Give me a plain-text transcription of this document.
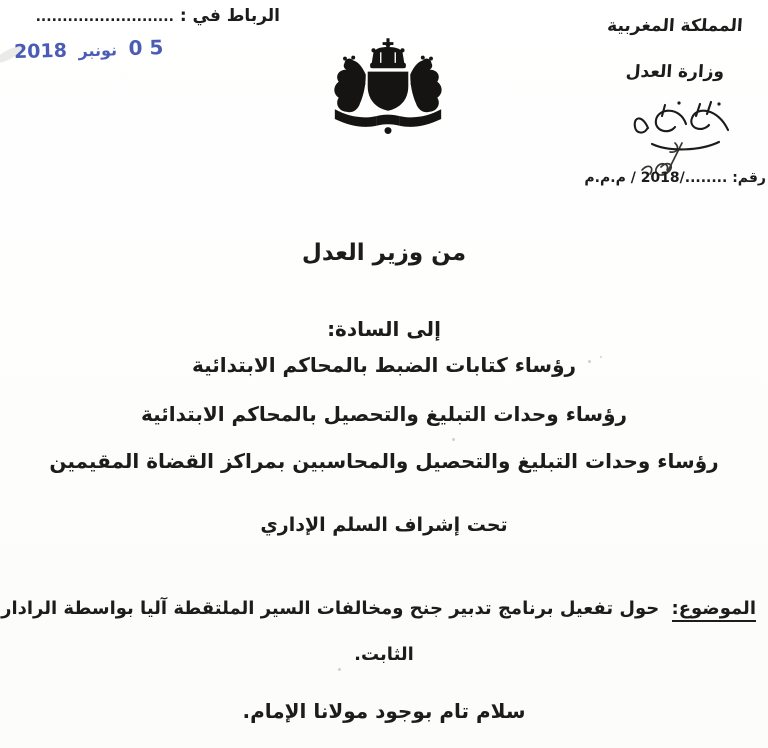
الرباط في : ..........................
0 5 نونبر 2018
المملكة المغربية
وزارة العدل
رقم: ......../2018 / م.م.م
من وزير العدل
إلى السادة:
رؤساء كتابات الضبط بالمحاكم الابتدائية
رؤساء وحدات التبليغ والتحصيل بالمحاكم الابتدائية
رؤساء وحدات التبليغ والتحصيل والمحاسبين بمراكز القضاة المقيمين
تحت إشراف السلم الإداري
الموضوع: حول تفعيل برنامج تدبير جنح ومخالفات السير الملتقطة آليا بواسطة الرادار
الثابت.
سلام تام بوجود مولانا الإمام.
